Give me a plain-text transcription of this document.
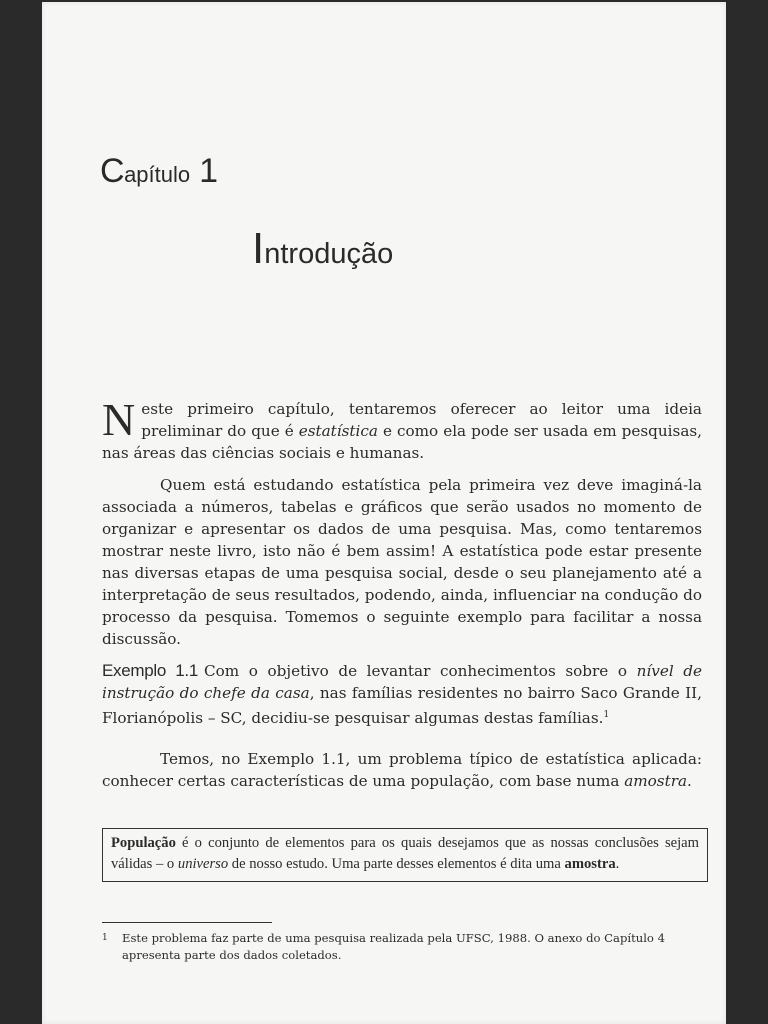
Capítulo 1
Introdução
Neste primeiro capítulo, tentaremos oferecer ao leitor uma ideia preliminar do que é estatística e como ela pode ser usada em pesquisas, nas áreas das ciências sociais e humanas.
Quem está estudando estatística pela primeira vez deve imaginá-la associada a números, tabelas e gráficos que serão usados no momento de organizar e apresentar os dados de uma pesquisa. Mas, como tentaremos mostrar neste livro, isto não é bem assim! A estatística pode estar presente nas diversas etapas de uma pesquisa social, desde o seu planejamento até a interpretação de seus resultados, podendo, ainda, influenciar na condução do processo da pesquisa. Tomemos o seguinte exemplo para facilitar a nossa discussão.
Exemplo 1.1 Com o objetivo de levantar conhecimentos sobre o nível de instrução do chefe da casa, nas famílias residentes no bairro Saco Grande II, Florianópolis – SC, decidiu-se pesquisar algumas destas famílias.$^1$
Temos, no Exemplo 1.1, um problema típico de estatística aplicada: conhecer certas características de uma população, com base numa amostra.
População é o conjunto de elementos para os quais desejamos que as nossas conclusões sejam válidas – o universo de nosso estudo. Uma parte desses elementos é dita uma amostra.
1 Este problema faz parte de uma pesquisa realizada pela UFSC, 1988. O anexo do Capítulo 4 apresenta parte dos dados coletados.
